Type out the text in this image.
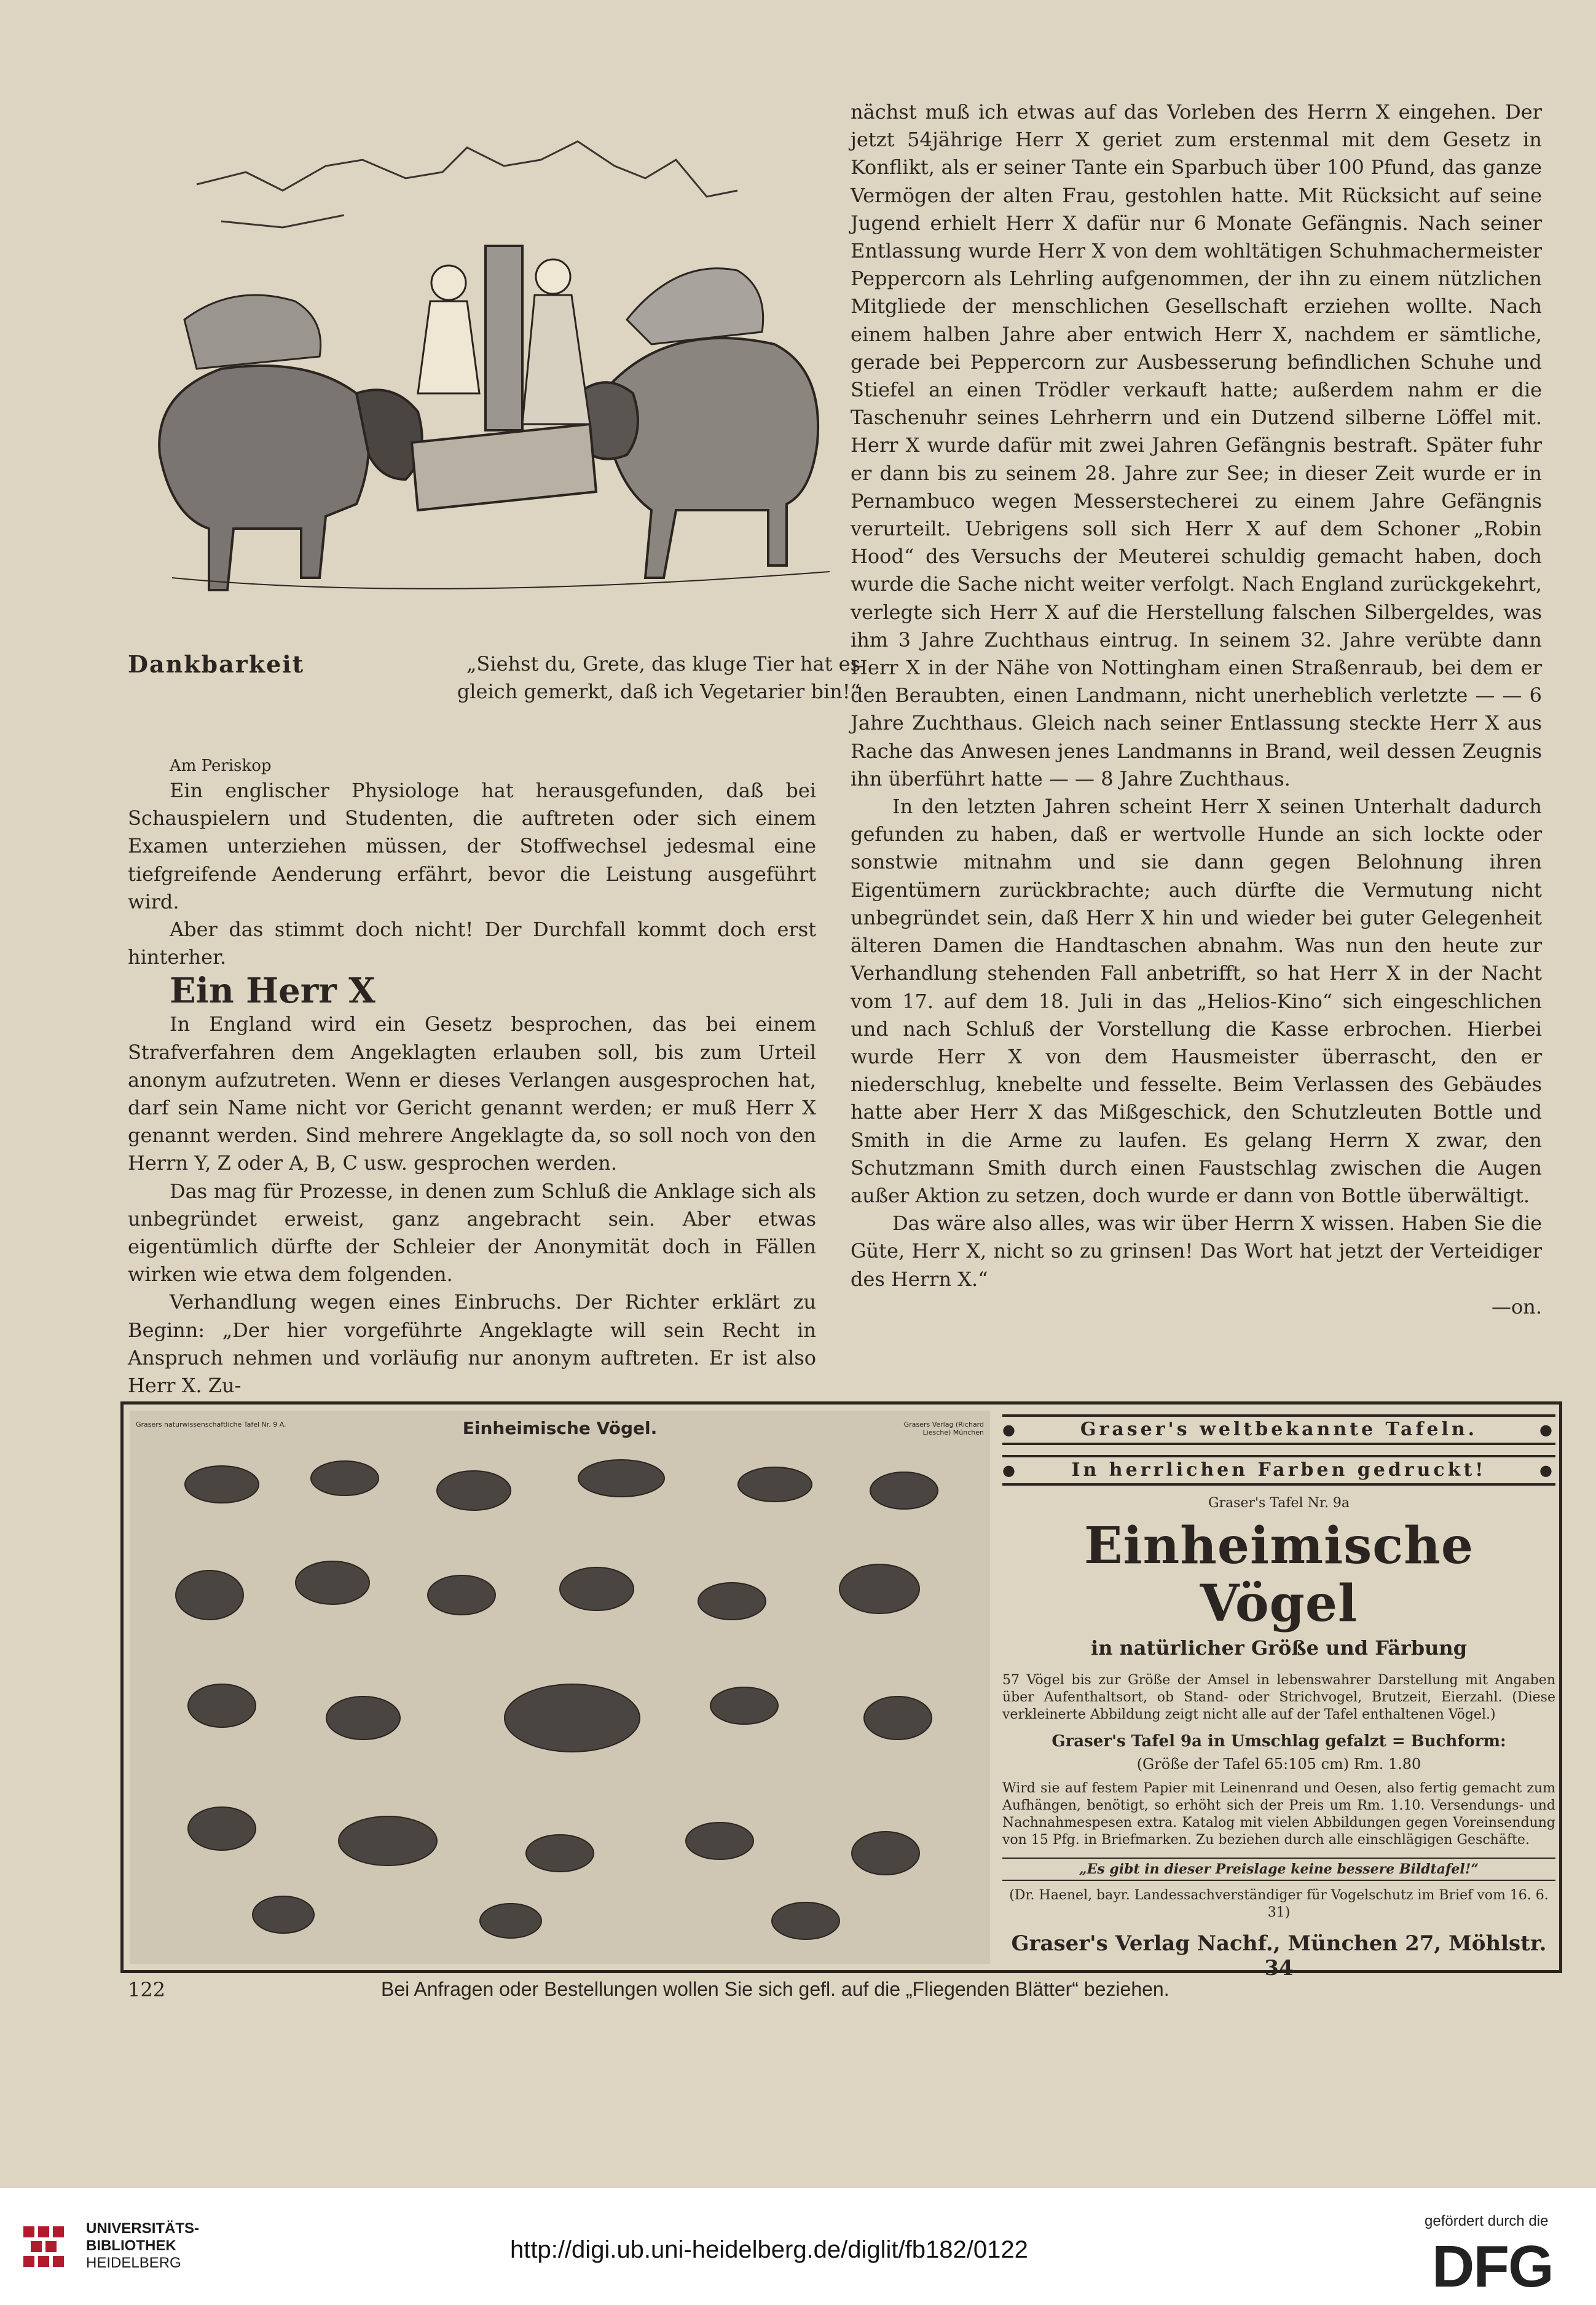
Dankbarkeit	„Siehst du, Grete, das kluge Tier hat es gleich gemerkt, daß ich Vegetarier bin!“

Am Periskop

Ein englischer Physiologe hat herausgefunden, daß bei Schauspielern und Studenten, die auftreten oder sich einem Examen unterziehen müssen, der Stoffwechsel jedesmal eine tiefgreifende Aenderung erfährt, bevor die Leistung ausgeführt wird.

Aber das stimmt doch nicht! Der Durchfall kommt doch erst hinterher.

Ein Herr X

In England wird ein Gesetz besprochen, das bei einem Strafverfahren dem Angeklagten erlauben soll, bis zum Urteil anonym aufzutreten. Wenn er dieses Verlangen ausgesprochen hat, darf sein Name nicht vor Gericht genannt werden; er muß Herr X genannt werden. Sind mehrere Angeklagte da, so soll noch von den Herrn Y, Z oder A, B, C usw. gesprochen werden.

Das mag für Prozesse, in denen zum Schluß die Anklage sich als unbegründet erweist, ganz angebracht sein. Aber etwas eigentümlich dürfte der Schleier der Anonymität doch in Fällen wirken wie etwa dem folgenden.

Verhandlung wegen eines Einbruchs. Der Richter erklärt zu Beginn: „Der hier vorgeführte Angeklagte will sein Recht in Anspruch nehmen und vorläufig nur anonym auftreten. Er ist also Herr X. Zu-

nächst muß ich etwas auf das Vorleben des Herrn X eingehen. Der jetzt 54jährige Herr X geriet zum erstenmal mit dem Gesetz in Konflikt, als er seiner Tante ein Sparbuch über 100 Pfund, das ganze Vermögen der alten Frau, gestohlen hatte. Mit Rücksicht auf seine Jugend erhielt Herr X dafür nur 6 Monate Gefängnis. Nach seiner Entlassung wurde Herr X von dem wohltätigen Schuhmachermeister Peppercorn als Lehrling aufgenommen, der ihn zu einem nützlichen Mitgliede der menschlichen Gesellschaft erziehen wollte. Nach einem halben Jahre aber entwich Herr X, nachdem er sämtliche, gerade bei Peppercorn zur Ausbesserung befindlichen Schuhe und Stiefel an einen Trödler verkauft hatte; außerdem nahm er die Taschenuhr seines Lehrherrn und ein Dutzend silberne Löffel mit. Herr X wurde dafür mit zwei Jahren Gefängnis bestraft. Später fuhr er dann bis zu seinem 28. Jahre zur See; in dieser Zeit wurde er in Pernambuco wegen Messerstecherei zu einem Jahre Gefängnis verurteilt. Uebrigens soll sich Herr X auf dem Schoner „Robin Hood“ des Versuchs der Meuterei schuldig gemacht haben, doch wurde die Sache nicht weiter verfolgt. Nach England zurückgekehrt, verlegte sich Herr X auf die Herstellung falschen Silbergeldes, was ihm 3 Jahre Zuchthaus eintrug. In seinem 32. Jahre verübte dann Herr X in der Nähe von Nottingham einen Straßenraub, bei dem er den Beraubten, einen Landmann, nicht unerheblich verletzte — — 6 Jahre Zuchthaus. Gleich nach seiner Entlassung steckte Herr X aus Rache das Anwesen jenes Landmanns in Brand, weil dessen Zeugnis ihn überführt hatte — — 8 Jahre Zuchthaus.

In den letzten Jahren scheint Herr X seinen Unterhalt dadurch gefunden zu haben, daß er wertvolle Hunde an sich lockte oder sonstwie mitnahm und sie dann gegen Belohnung ihren Eigentümern zurückbrachte; auch dürfte die Vermutung nicht unbegründet sein, daß Herr X hin und wieder bei guter Gelegenheit älteren Damen die Handtaschen abnahm. Was nun den heute zur Verhandlung stehenden Fall anbetrifft, so hat Herr X in der Nacht vom 17. auf dem 18. Juli in das „Helios-Kino“ sich eingeschlichen und nach Schluß der Vorstellung die Kasse erbrochen. Hierbei wurde Herr X von dem Hausmeister überrascht, den er niederschlug, knebelte und fesselte. Beim Verlassen des Gebäudes hatte aber Herr X das Mißgeschick, den Schutzleuten Bottle und Smith in die Arme zu laufen. Es gelang Herrn X zwar, den Schutzmann Smith durch einen Faustschlag zwischen die Augen außer Aktion zu setzen, doch wurde er dann von Bottle überwältigt.

Das wäre also alles, was wir über Herrn X wissen. Haben Sie die Güte, Herr X, nicht so zu grinsen! Das Wort hat jetzt der Verteidiger des Herrn X.“

—on.

Grasers naturwissenschaftliche Tafel Nr. 9 A.	Einheimische Vögel.	Grasers Verlag (Richard Liesche) München
●	Graser's weltbekannte Tafeln. ●
● In herrlichen Farben gedruckt! ●
Graser's Tafel Nr. 9a
Einheimische Vögel
in natürlicher Größe und Färbung

57 Vögel bis zur Größe der Amsel in lebenswahrer Darstellung mit Angaben über Aufenthaltsort, ob Stand- oder Strichvogel, Brutzeit, Eierzahl. (Diese verkleinerte Abbildung zeigt nicht alle auf der Tafel enthaltenen Vögel.)

Graser's Tafel 9a in Umschlag gefalzt = Buchform:
(Größe der Tafel 65:105 cm) Rm. 1.80

Wird sie auf festem Papier mit Leinenrand und Oesen, also fertig gemacht zum Aufhängen, benötigt, so erhöht sich der Preis um Rm. 1.10. Versendungs- und Nachnahmespesen extra. Katalog mit vielen Abbildungen gegen Voreinsendung von 15 Pfg. in Briefmarken. Zu beziehen durch alle einschlägigen Geschäfte.

„Es gibt in dieser Preislage keine bessere Bildtafel!“
(Dr. Haenel, bayr. Landessachverständiger für Vogelschutz im Brief vom 16. 6. 31)
Graser's Verlag Nachf., München 27, Möhlstr. 34
122	Bei Anfragen oder Bestellungen wollen Sie sich gefl. auf die „Fliegenden Blätter“ beziehen.
UNIVERSITÄTS-
BIBLIOTHEK
HEIDELBERG	http://digi.ub.uni-heidelberg.de/diglit/fb182/0122
gefördert durch die
DFG
